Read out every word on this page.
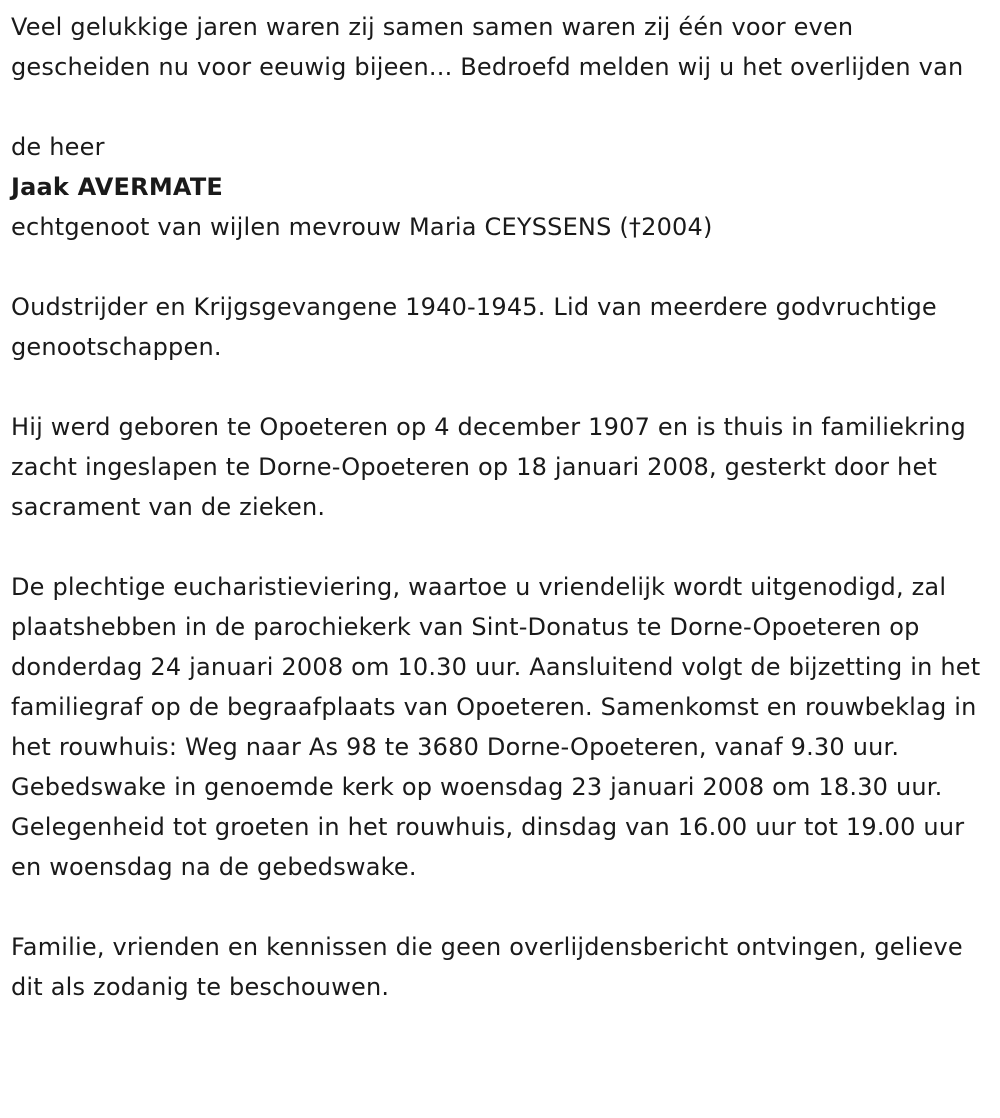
Veel gelukkige jaren waren zij samen samen waren zij één voor even gescheiden nu voor eeuwig bijeen... Bedroefd melden wij u het overlijden van

de heer

Jaak AVERMATE

echtgenoot van wijlen mevrouw Maria CEYSSENS (†2004)

Oudstrijder en Krijgsgevangene 1940-1945. Lid van meerdere godvruchtige genootschappen.

Hij werd geboren te Opoeteren op 4 december 1907 en is thuis in familiekring zacht ingeslapen te Dorne-Opoeteren op 18 januari 2008, gesterkt door het sacrament van de zieken.

De plechtige eucharistieviering, waartoe u vriendelijk wordt uitgenodigd, zal plaatshebben in de parochiekerk van Sint-Donatus te Dorne-Opoeteren op donderdag 24 januari 2008 om 10.30 uur. Aansluitend volgt de bijzetting in het familiegraf op de begraafplaats van Opoeteren. Samenkomst en rouwbeklag in het rouwhuis: Weg naar As 98 te 3680 Dorne-Opoeteren, vanaf 9.30 uur. Gebedswake in genoemde kerk op woensdag 23 januari 2008 om 18.30 uur. Gelegenheid tot groeten in het rouwhuis, dinsdag van 16.00 uur tot 19.00 uur en woensdag na de gebedswake.

Familie, vrienden en kennissen die geen overlijdensbericht ontvingen, gelieve dit als zodanig te beschouwen.
